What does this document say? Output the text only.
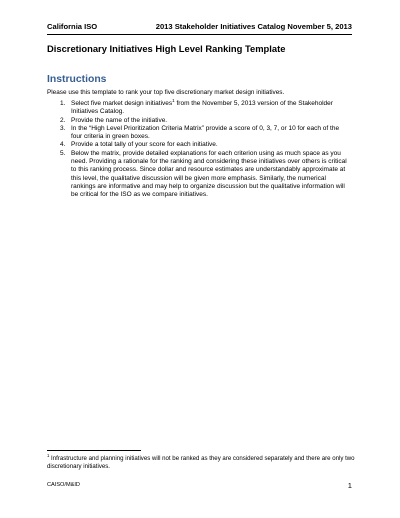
California ISO	2013 Stakeholder Initiatives Catalog November 5, 2013
Discretionary Initiatives High Level Ranking Template
Instructions
Please use this template to rank your top five discretionary market design initiatives.
1. Select five market design initiatives$^1$ from the November 5, 2013 version of the Stakeholder Initiatives Catalog.
2. Provide the name of the initiative.
3. In the “High Level Prioritization Criteria Matrix” provide a score of 0, 3, 7, or 10 for each of the four criteria in green boxes.
4. Provide a total tally of your score for each initiative.
5. Below the matrix, provide detailed explanations for each criterion using as much space as you need. Providing a rationale for the ranking and considering these initiatives over others is critical to this ranking process. Since dollar and resource estimates are understandably approximate at this level, the qualitative discussion will be given more emphasis. Similarly, the numerical rankings are informative and may help to organize discussion but the qualitative information will be critical for the ISO as we compare initiatives.
$^1$ Infrastructure and planning initiatives will not be ranked as they are considered separately and there are only two discretionary initiatives.
CAISO/M&ID	1
